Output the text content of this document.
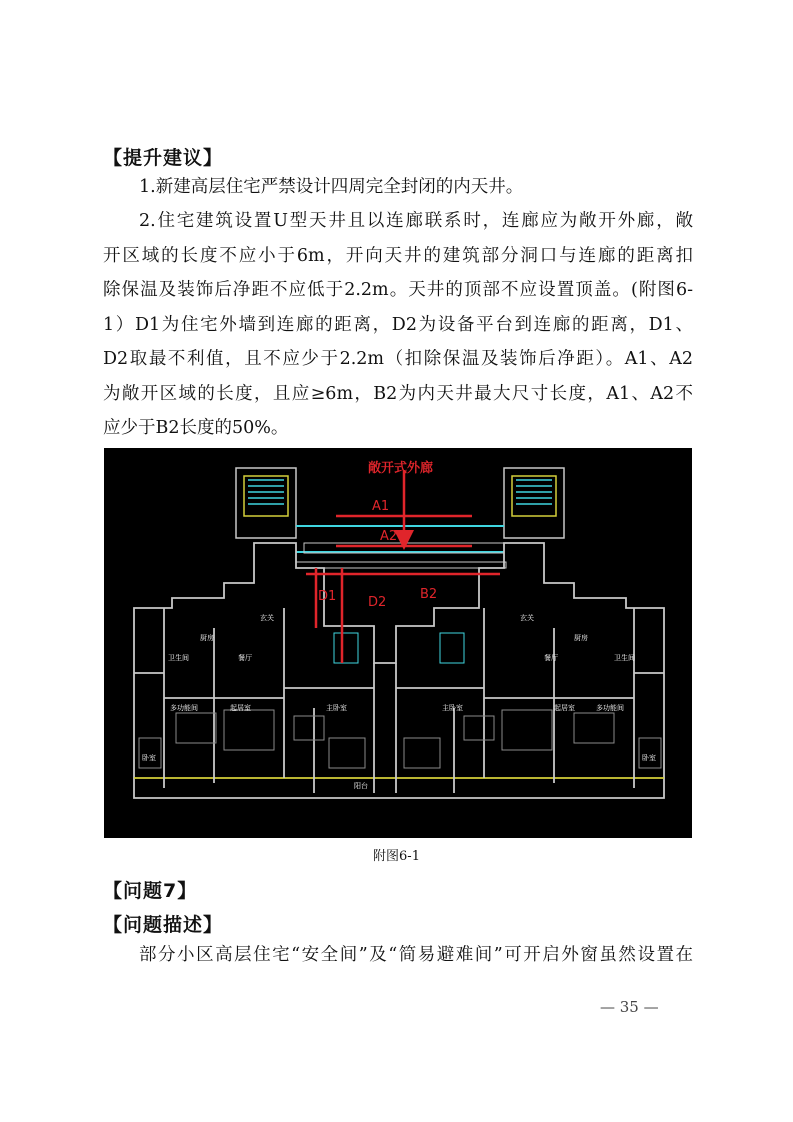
【提升建议】
1.新建高层住宅严禁设计四周完全封闭的内天井。
2.住宅建筑设置U型天井且以连廊联系时，连廊应为敞开外廊，敞
开区域的长度不应小于6m，开向天井的建筑部分洞口与连廊的距离扣
除保温及装饰后净距不应低于2.2m。天井的顶部不应设置顶盖。(附图6-
1）D1为住宅外墙到连廊的距离，D2为设备平台到连廊的距离，D1、
D2取最不利值，且不应少于2.2m（扣除保温及装饰后净距）。A1、A2
为敞开区域的长度，且应≥6m，B2为内天井最大尺寸长度，A1、A2不
应少于B2长度的50%。
厨房	厨房
卫生间	卫生间
餐厅	餐厅
起居室	起居室
多功能间	多功能间
卧室	卧室
主卧室	主卧室
玄关	玄关
阳台
敞开式外廊
A1
A2
B2
D1 D2
附图6-1
【问题7】
【问题描述】
部分小区高层住宅“安全间”及“简易避难间”可开启外窗虽然设置在
— 35 —
